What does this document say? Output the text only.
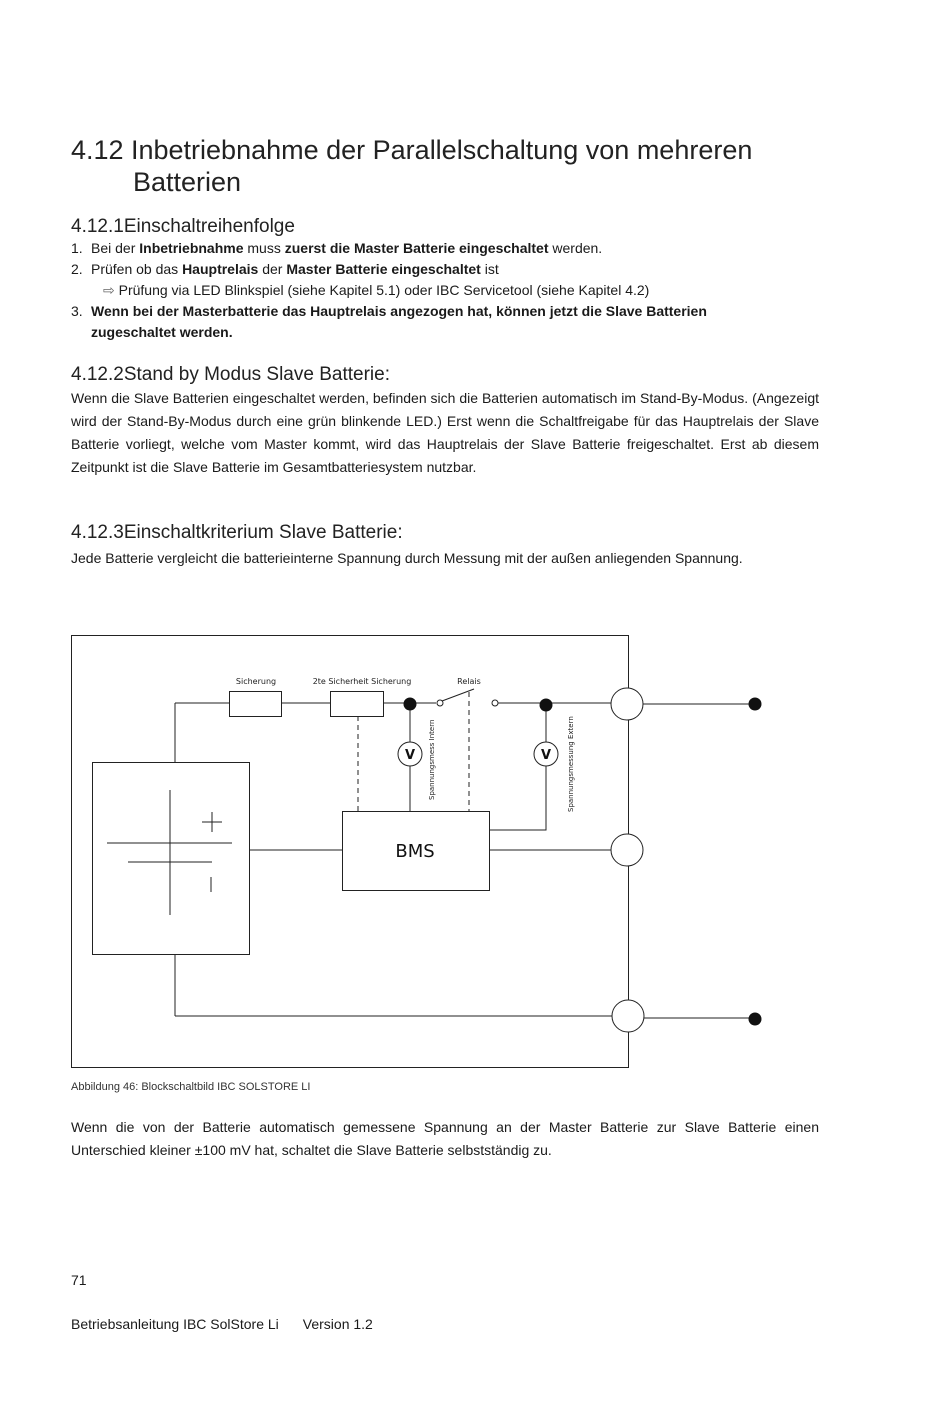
4.12 Inbetriebnahme der Parallelschaltung von mehreren
Batterien
4.12.1Einschaltreihenfolge
1. Bei der Inbetriebnahme muss zuerst die Master Batterie eingeschaltet werden.
2. Prüfen ob das Hauptrelais der Master Batterie eingeschaltet ist
⇨ Prüfung via LED Blinkspiel (siehe Kapitel 5.1) oder IBC Servicetool (siehe Kapitel 4.2)
3. Wenn bei der Masterbatterie das Hauptrelais angezogen hat, können jetzt die Slave Batterien
zugeschaltet werden.
4.12.2Stand by Modus Slave Batterie:
Wenn die Slave Batterien eingeschaltet werden, befinden sich die Batterien automatisch im Stand-By-Modus. (Angezeigt wird der Stand-By-Modus durch eine grün blinkende LED.) Erst wenn die Schaltfreigabe für das Hauptrelais der Slave Batterie vorliegt, welche vom Master kommt, wird das Hauptrelais der Slave Batterie freigeschaltet. Erst ab diesem Zeitpunkt ist die Slave Batterie im Gesamtbatteriesystem nutzbar.
4.12.3Einschaltkriterium Slave Batterie:
Jede Batterie vergleicht die batterieinterne Spannung durch Messung mit der außen anliegenden Spannung.
Sicherung	2te Sicherheit Sicherung	Relais
V	V
Spannungsmess Intern	Spannungsmessung Extern
BMS
Abbildung 46: Blockschaltbild IBC SOLSTORE LI
Wenn die von der Batterie automatisch gemessene Spannung an der Master Batterie zur Slave Batterie einen Unterschied kleiner ±100 mV hat, schaltet die Slave Batterie selbstständig zu.
71
Betriebsanleitung IBC SolStore Li Version 1.2
